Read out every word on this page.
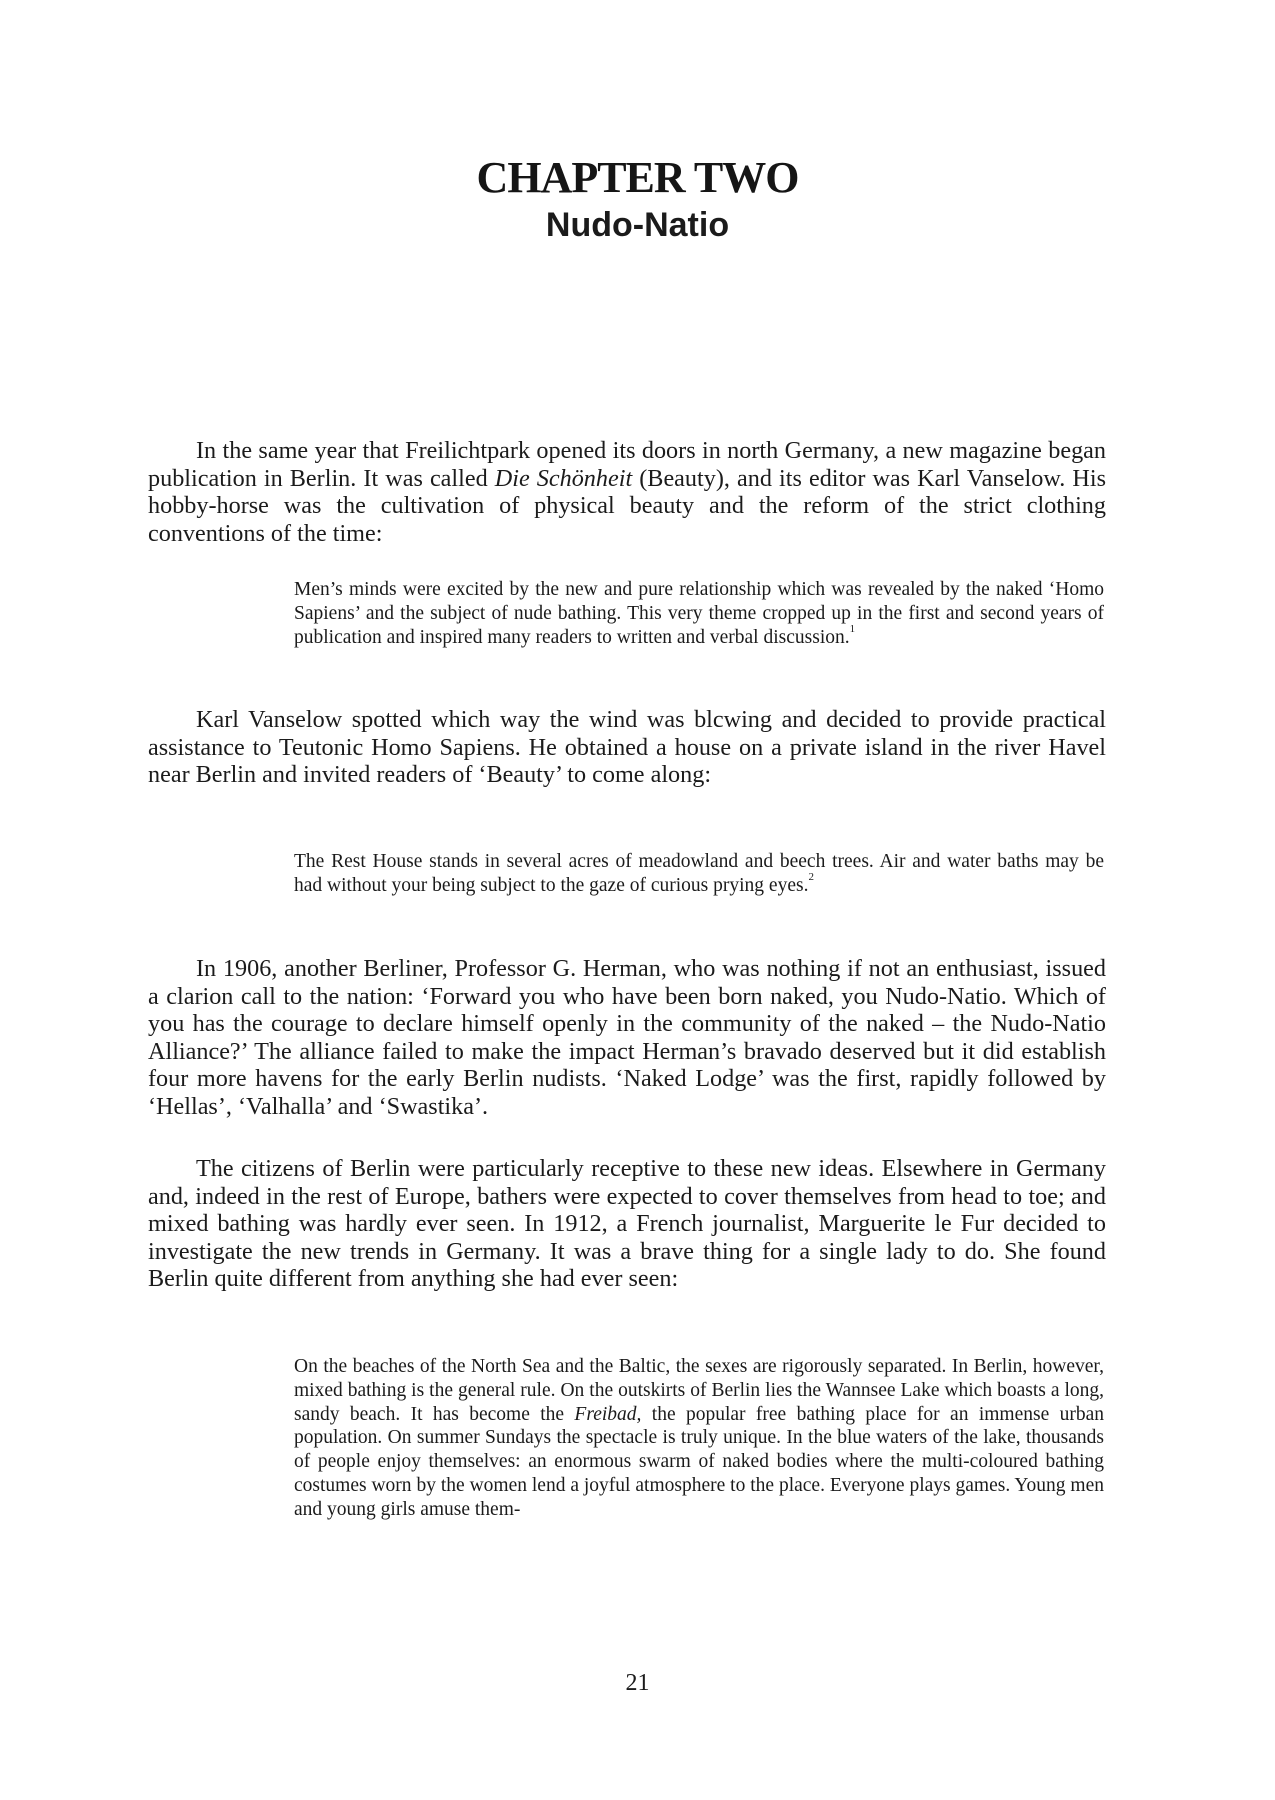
CHAPTER TWO
Nudo-Natio

In the same year that Freilichtpark opened its doors in north Germany, a new magazine began publication in Berlin. It was called Die Schönheit (Beauty), and its editor was Karl Vanselow. His hobby-horse was the cultivation of physical beauty and the reform of the strict clothing conventions of the time:

Men’s minds were excited by the new and pure relationship which was revealed by the naked ‘Homo Sapiens’ and the subject of nude bathing. This very theme cropped up in the first and second years of publication and inspired many readers to written and verbal discussion.$^1$

Karl Vanselow spotted which way the wind was blcwing and decided to provide practical assistance to Teutonic Homo Sapiens. He obtained a house on a private island in the river Havel near Berlin and invited readers of ‘Beauty’ to come along:

The Rest House stands in several acres of meadowland and beech trees. Air and water baths may be had without your being subject to the gaze of curious prying eyes.$^2$

In 1906, another Berliner, Professor G. Herman, who was nothing if not an enthusiast, issued a clarion call to the nation: ‘Forward you who have been born naked, you Nudo-Natio. Which of you has the courage to declare himself openly in the community of the naked – the Nudo-Natio Alliance?’ The alliance failed to make the impact Herman’s bravado deserved but it did establish four more havens for the early Berlin nudists. ‘Naked Lodge’ was the first, rapidly followed by ‘Hellas’, ‘Valhalla’ and ‘Swastika’.

The citizens of Berlin were particularly receptive to these new ideas. Elsewhere in Germany and, indeed in the rest of Europe, bathers were expected to cover themselves from head to toe; and mixed bathing was hardly ever seen. In 1912, a French journalist, Marguerite le Fur decided to investigate the new trends in Germany. It was a brave thing for a single lady to do. She found Berlin quite different from anything she had ever seen:

On the beaches of the North Sea and the Baltic, the sexes are rigorously separated. In Berlin, however, mixed bathing is the general rule. On the outskirts of Berlin lies the Wannsee Lake which boasts a long, sandy beach. It has become the Freibad, the popular free bathing place for an immense urban population. On summer Sundays the spectacle is truly unique. In the blue waters of the lake, thousands of people enjoy themselves: an enormous swarm of naked bodies where the multi-coloured bathing costumes worn by the women lend a joyful atmosphere to the place. Everyone plays games. Young men and young girls amuse them-

21
